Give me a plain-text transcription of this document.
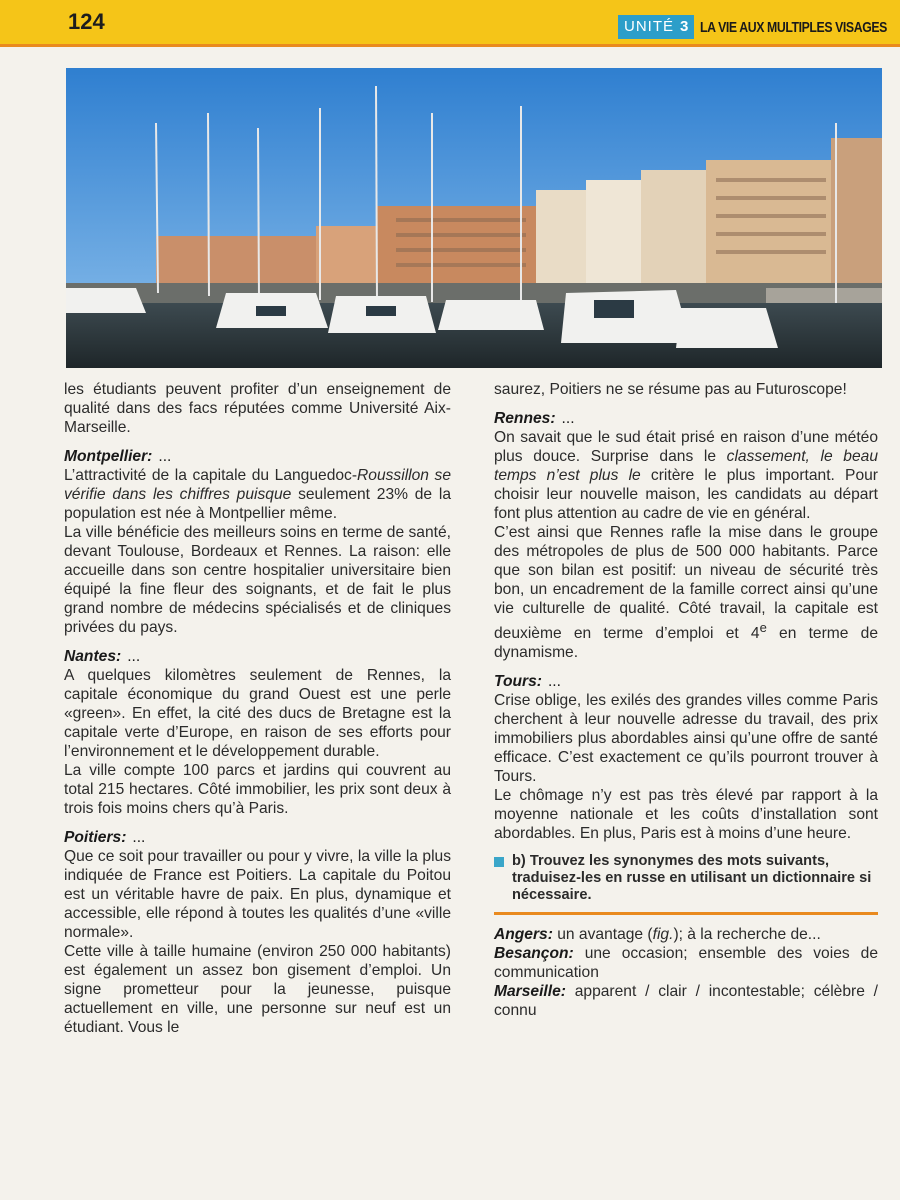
124	UNITÉ 3 LA VIE AUX MULTIPLES VISAGES

les étudiants peuvent profiter d’un enseignement de qualité dans des facs réputées comme Université Aix-Marseille.

Montpellier: ...

L’attractivité de la capitale du Languedoc-Roussillon se vérifie dans les chiffres puisque seulement 23% de la population est née à Montpellier même.

La ville bénéficie des meilleurs soins en terme de santé, devant Toulouse, Bordeaux et Rennes. La raison: elle accueille dans son centre hospitalier universitaire bien équipé la fine fleur des soignants, et de fait le plus grand nombre de médecins spécialisés et de cliniques privées du pays.

Nantes: ...

A quelques kilomètres seulement de Rennes, la capitale économique du grand Ouest est une perle «green». En effet, la cité des ducs de Bretagne est la capitale verte d’Europe, en raison de ses efforts pour l’environnement et le développement durable.

La ville compte 100 parcs et jardins qui couvrent au total 215 hectares. Côté immobilier, les prix sont deux à trois fois moins chers qu’à Paris.

Poitiers: ...

Que ce soit pour travailler ou pour y vivre, la ville la plus indiquée de France est Poitiers. La capitale du Poitou est un véritable havre de paix. En plus, dynamique et accessible, elle répond à toutes les qualités d’une «ville normale».

Cette ville à taille humaine (environ 250 000 habitants) est également un assez bon gisement d’emploi. Un signe prometteur pour la jeunesse, puisque actuellement en ville, une personne sur neuf est un étudiant. Vous le

saurez, Poitiers ne se résume pas au Futuroscope!

Rennes: ...

On savait que le sud était prisé en raison d’une météo plus douce. Surprise dans le classement, le beau temps n’est plus le critère le plus important. Pour choisir leur nouvelle maison, les candidats au départ font plus attention au cadre de vie en général.

C’est ainsi que Rennes rafle la mise dans le groupe des métropoles de plus de 500 000 habitants. Parce que son bilan est positif: un niveau de sécurité très bon, un encadrement de la famille correct ainsi qu’une vie culturelle de qualité. Côté travail, la capitale est deuxième en terme d’emploi et 4e en terme de dynamisme.

Tours: ...

Crise oblige, les exilés des grandes villes comme Paris cherchent à leur nouvelle adresse du travail, des prix immobiliers plus abordables ainsi qu’une offre de santé efficace. C’est exactement ce qu’ils pourront trouver à Tours.

Le chômage n’y est pas très élevé par rapport à la moyenne nationale et les coûts d’installation sont abordables. En plus, Paris est à moins d’une heure.

b) Trouvez les synonymes des mots suivants, traduisez-les en russe en utilisant un dictionnaire si nécessaire.

Angers: un avantage (fig.); à la recherche de...

Besançon: une occasion; ensemble des voies de communication

Marseille: apparent / clair / incontestable; célèbre / connu
